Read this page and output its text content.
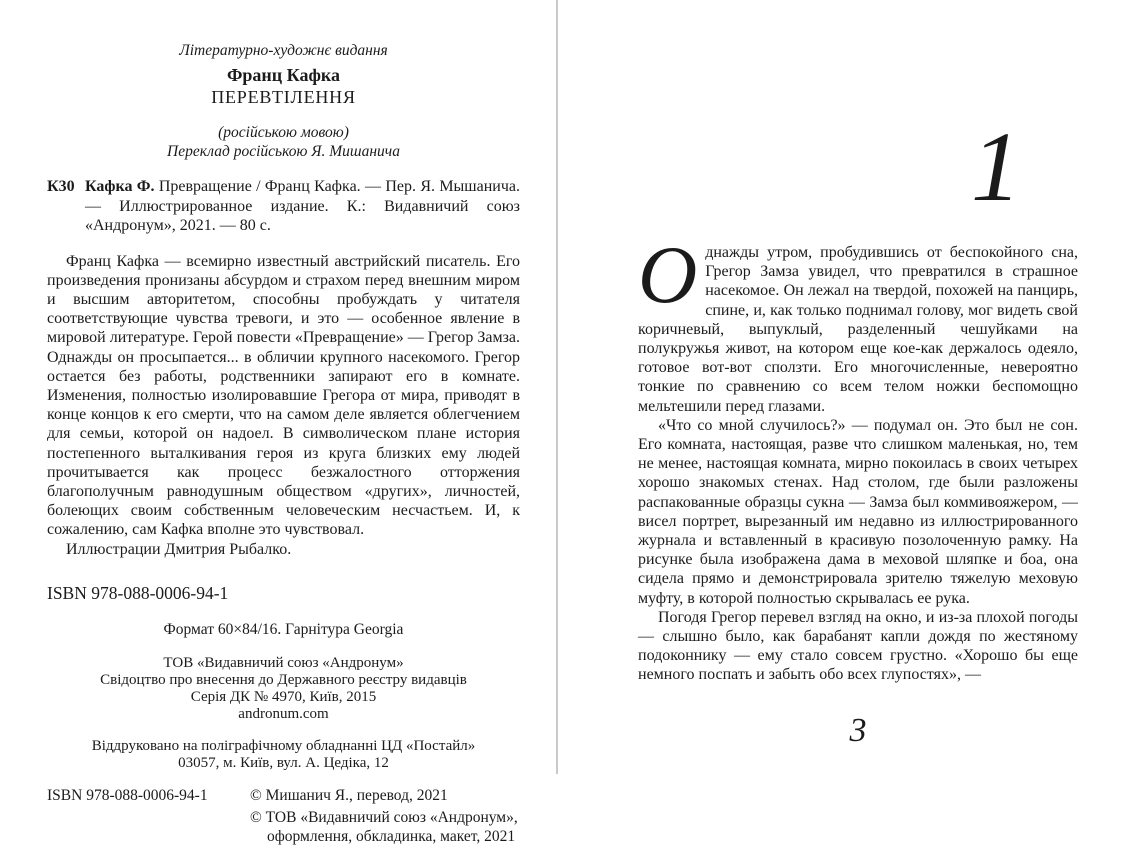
Літературно-художнє видання
Франц Кафка
ПЕРЕВТІЛЕННЯ
(російською мовою)
Переклад російською Я. Мишанича

К30 Кафка Ф. Превращение / Франц Кафка. — Пер. Я. Мышанича. — Иллюстрированное издание. К.: Видавничий союз «Андронум», 2021. — 80 с.

Франц Кафка — всемирно известный австрийский писатель. Его произведения пронизаны абсурдом и страхом перед внешним миром и высшим авторитетом, способны пробуждать у читателя соответствующие чувства тревоги, и это — особенное явление в мировой литературе. Герой повести «Превращение» — Грегор Замза. Однажды он просыпается... в обличии крупного насекомого. Грегор остается без работы, родственники запирают его в комнате. Изменения, полностью изолировавшие Грегора от мира, приводят в конце концов к его смерти, что на самом деле является облегчением для семьи, которой он надоел. В символическом плане история постепенного выталкивания героя из круга близких ему людей прочитывается как процесс безжалостного отторжения благополучным равнодушным обществом «других», личностей, болеющих своим собственным человеческим несчастьем. И, к сожалению, сам Кафка вполне это чувствовал.

Иллюстрации Дмитрия Рыбалко.

ISBN 978-088-0006-94-1
Формат 60×84/16. Гарнітура Georgia
ТОВ «Видавничий союз «Андронум»
Свідоцтво про внесення до Державного реєстру видавців
Серія ДК № 4970, Київ, 2015
andronum.com
Віддруковано на поліграфічному обладнанні ЦД «Постайл»
03057, м. Київ, вул. А. Цедіка, 12
ISBN 978-088-0006-94-1	© Мишанич Я., перевод, 2021
© ТОВ «Видавничий союз «Андронум»,
оформлення, обкладинка, макет, 2021
1

Однажды утром, пробудившись от беспокойного сна, Грегор Замза увидел, что превратился в страшное насекомое. Он лежал на твердой, похожей на панцирь, спине, и, как только поднимал голову, мог видеть свой коричневый, выпуклый, разделенный чешуйками на полукружья живот, на котором еще кое-как держалось одеяло, готовое вот-вот сползти. Его многочисленные, невероятно тонкие по сравнению со всем телом ножки беспомощно мельтешили перед глазами.

«Что со мной случилось?» — подумал он. Это был не сон. Его комната, настоящая, разве что слишком маленькая, но, тем не менее, настоящая комната, мирно покоилась в своих четырех хорошо знакомых стенах. Над столом, где были разложены распакованные образцы сукна — Замза был коммивояжером, — висел портрет, вырезанный им недавно из иллюстрированного журнала и вставленный в красивую позолоченную рамку. На рисунке была изображена дама в меховой шляпке и боа, она сидела прямо и демонстрировала зрителю тяжелую меховую муфту, в которой полностью скрывалась ее рука.

Погодя Грегор перевел взгляд на окно, и из-за плохой погоды — слышно было, как барабанят капли дождя по жестяному подоконнику — ему стало совсем грустно. «Хорошо бы еще немного поспать и забыть обо всех глупостях», —

3
